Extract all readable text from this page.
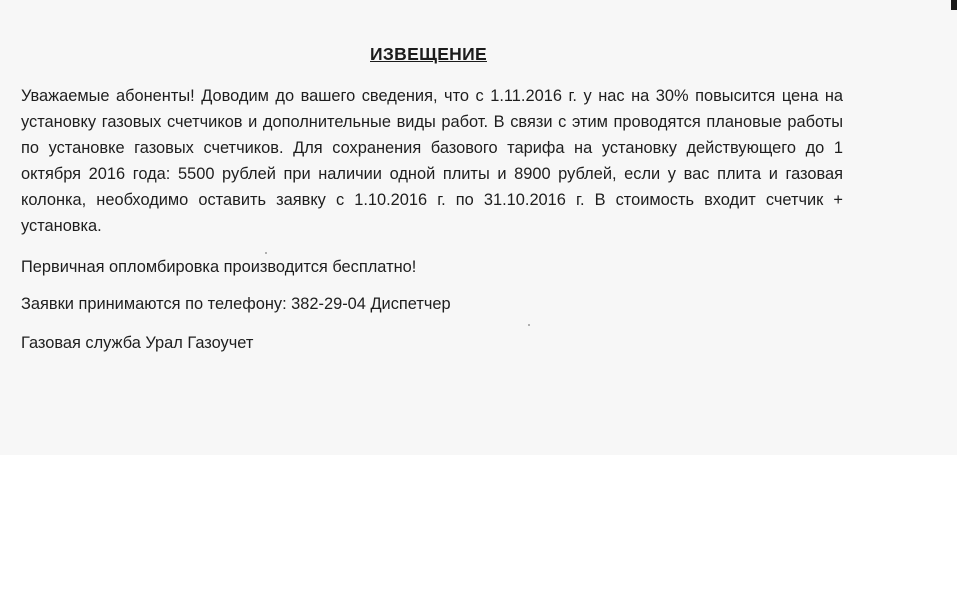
ИЗВЕЩЕНИЕ
Уважаемые абоненты! Доводим до вашего сведения, что с 1.11.2016 г. у нас на 30% повысится цена на установку газовых счетчиков и дополнительные виды работ. В связи с этим проводятся плановые работы по установке газовых счетчиков. Для сохранения базового тарифа на установку действующего до 1 октября 2016 года: 5500 рублей при наличии одной плиты и 8900 рублей, если у вас плита и газовая колонка, необходимо оставить заявку с 1.10.2016 г. по 31.10.2016 г. В стоимость входит счетчик + установка.
Первичная опломбировка производится бесплатно!
Заявки принимаются по телефону: 382-29-04 Диспетчер
Газовая служба Урал Газоучет
